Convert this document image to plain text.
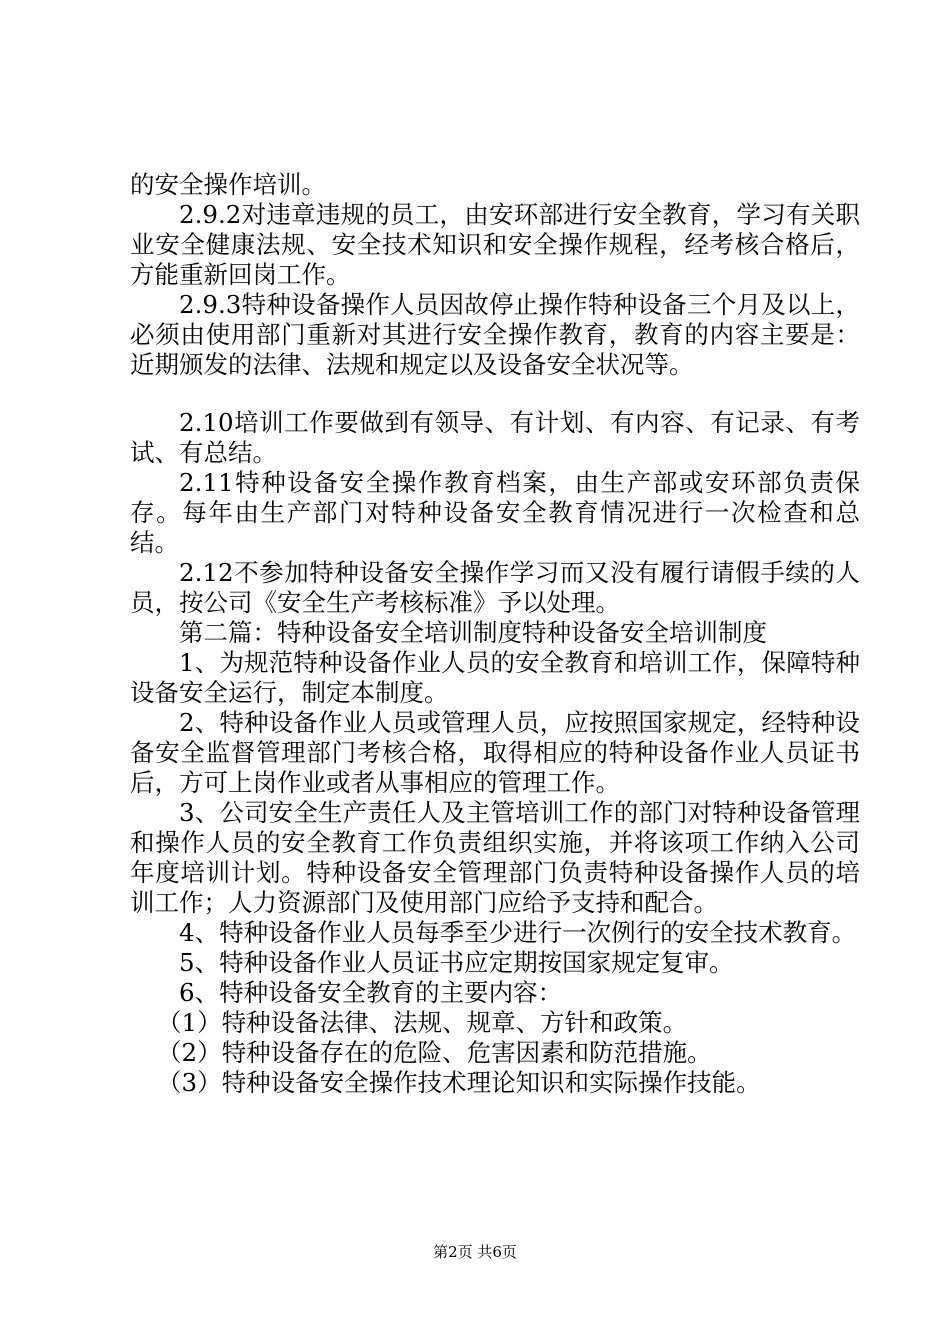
的安全操作培训。

2.9.2对违章违规的员工，由安环部进行安全教育，学习有关职业安全健康法规、安全技术知识和安全操作规程，经考核合格后，方能重新回岗工作。

2.9.3特种设备操作人员因故停止操作特种设备三个月及以上，必须由使用部门重新对其进行安全操作教育，教育的内容主要是：近期颁发的法律、法规和规定以及设备安全状况等。

2.10培训工作要做到有领导、有计划、有内容、有记录、有考试、有总结。

2.11特种设备安全操作教育档案，由生产部或安环部负责保存。每年由生产部门对特种设备安全教育情况进行一次检查和总结。

2.12不参加特种设备安全操作学习而又没有履行请假手续的人员，按公司《安全生产考核标准》予以处理。

第二篇：特种设备安全培训制度特种设备安全培训制度

1、为规范特种设备作业人员的安全教育和培训工作，保障特种设备安全运行，制定本制度。

2、特种设备作业人员或管理人员，应按照国家规定，经特种设备安全监督管理部门考核合格，取得相应的特种设备作业人员证书后，方可上岗作业或者从事相应的管理工作。

3、公司安全生产责任人及主管培训工作的部门对特种设备管理和操作人员的安全教育工作负责组织实施，并将该项工作纳入公司年度培训计划。特种设备安全管理部门负责特种设备操作人员的培训工作；人力资源部门及使用部门应给予支持和配合。

4、特种设备作业人员每季至少进行一次例行的安全技术教育。

5、特种设备作业人员证书应定期按国家规定复审。

6、特种设备安全教育的主要内容：

（1）特种设备法律、法规、规章、方针和政策。

（2）特种设备存在的危险、危害因素和防范措施。

（3）特种设备安全操作技术理论知识和实际操作技能。

第2页 共6页
